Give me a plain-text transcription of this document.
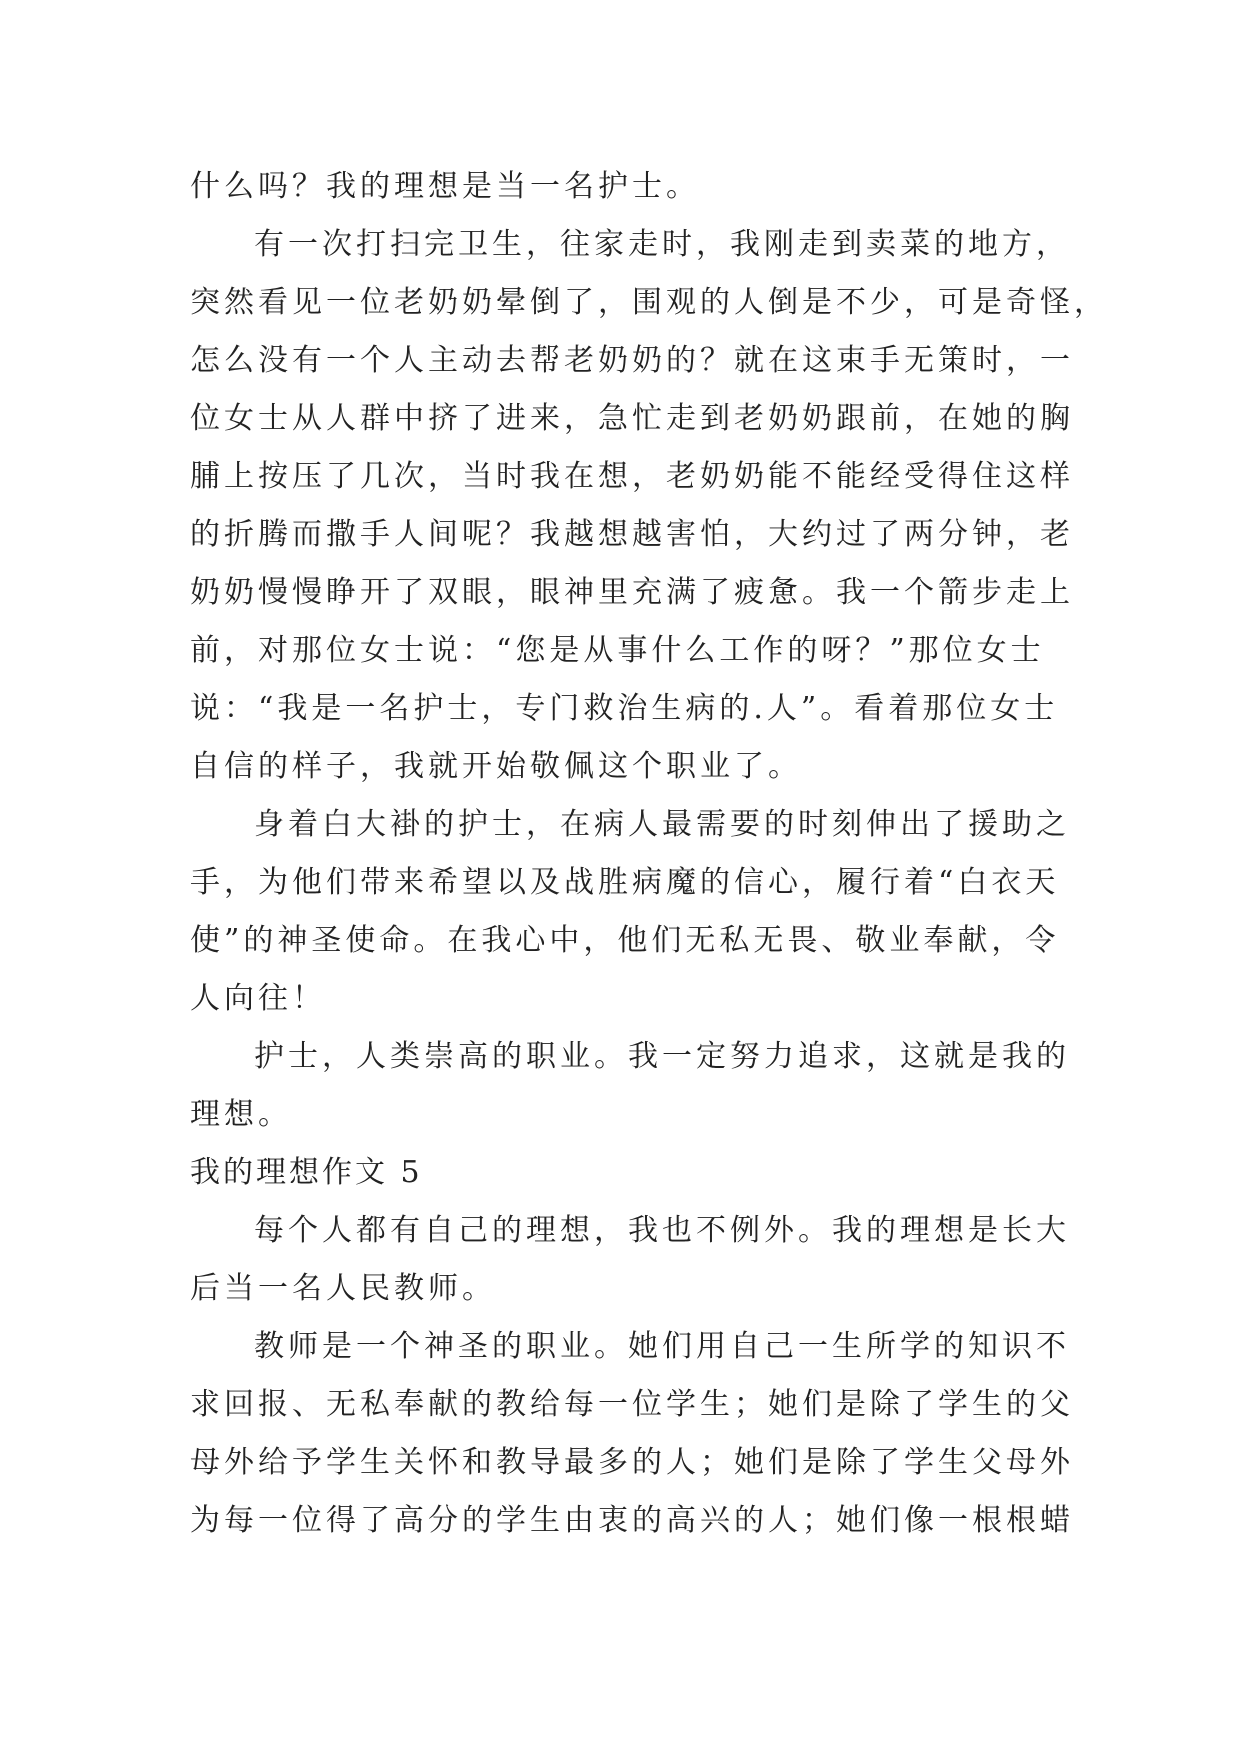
什么吗？我的理想是当一名护士。
有一次打扫完卫生，往家走时，我刚走到卖菜的地方，
突然看见一位老奶奶晕倒了，围观的人倒是不少，可是奇怪，
怎么没有一个人主动去帮老奶奶的？就在这束手无策时，一
位女士从人群中挤了进来，急忙走到老奶奶跟前，在她的胸
脯上按压了几次，当时我在想，老奶奶能不能经受得住这样
的折腾而撒手人间呢？我越想越害怕，大约过了两分钟，老
奶奶慢慢睁开了双眼，眼神里充满了疲惫。我一个箭步走上
前，对那位女士说：“您是从事什么工作的呀？”那位女士
说：“我是一名护士，专门救治生病的.人”。看着那位女士
自信的样子，我就开始敬佩这个职业了。
身着白大褂的护士，在病人最需要的时刻伸出了援助之
手，为他们带来希望以及战胜病魔的信心，履行着“白衣天
使”的神圣使命。在我心中，他们无私无畏、敬业奉献，令
人向往！
护士，人类崇高的职业。我一定努力追求，这就是我的
理想。
我的理想作文 5
每个人都有自己的理想，我也不例外。我的理想是长大
后当一名人民教师。
教师是一个神圣的职业。她们用自己一生所学的知识不
求回报、无私奉献的教给每一位学生；她们是除了学生的父
母外给予学生关怀和教导最多的人；她们是除了学生父母外
为每一位得了高分的学生由衷的高兴的人；她们像一根根蜡
